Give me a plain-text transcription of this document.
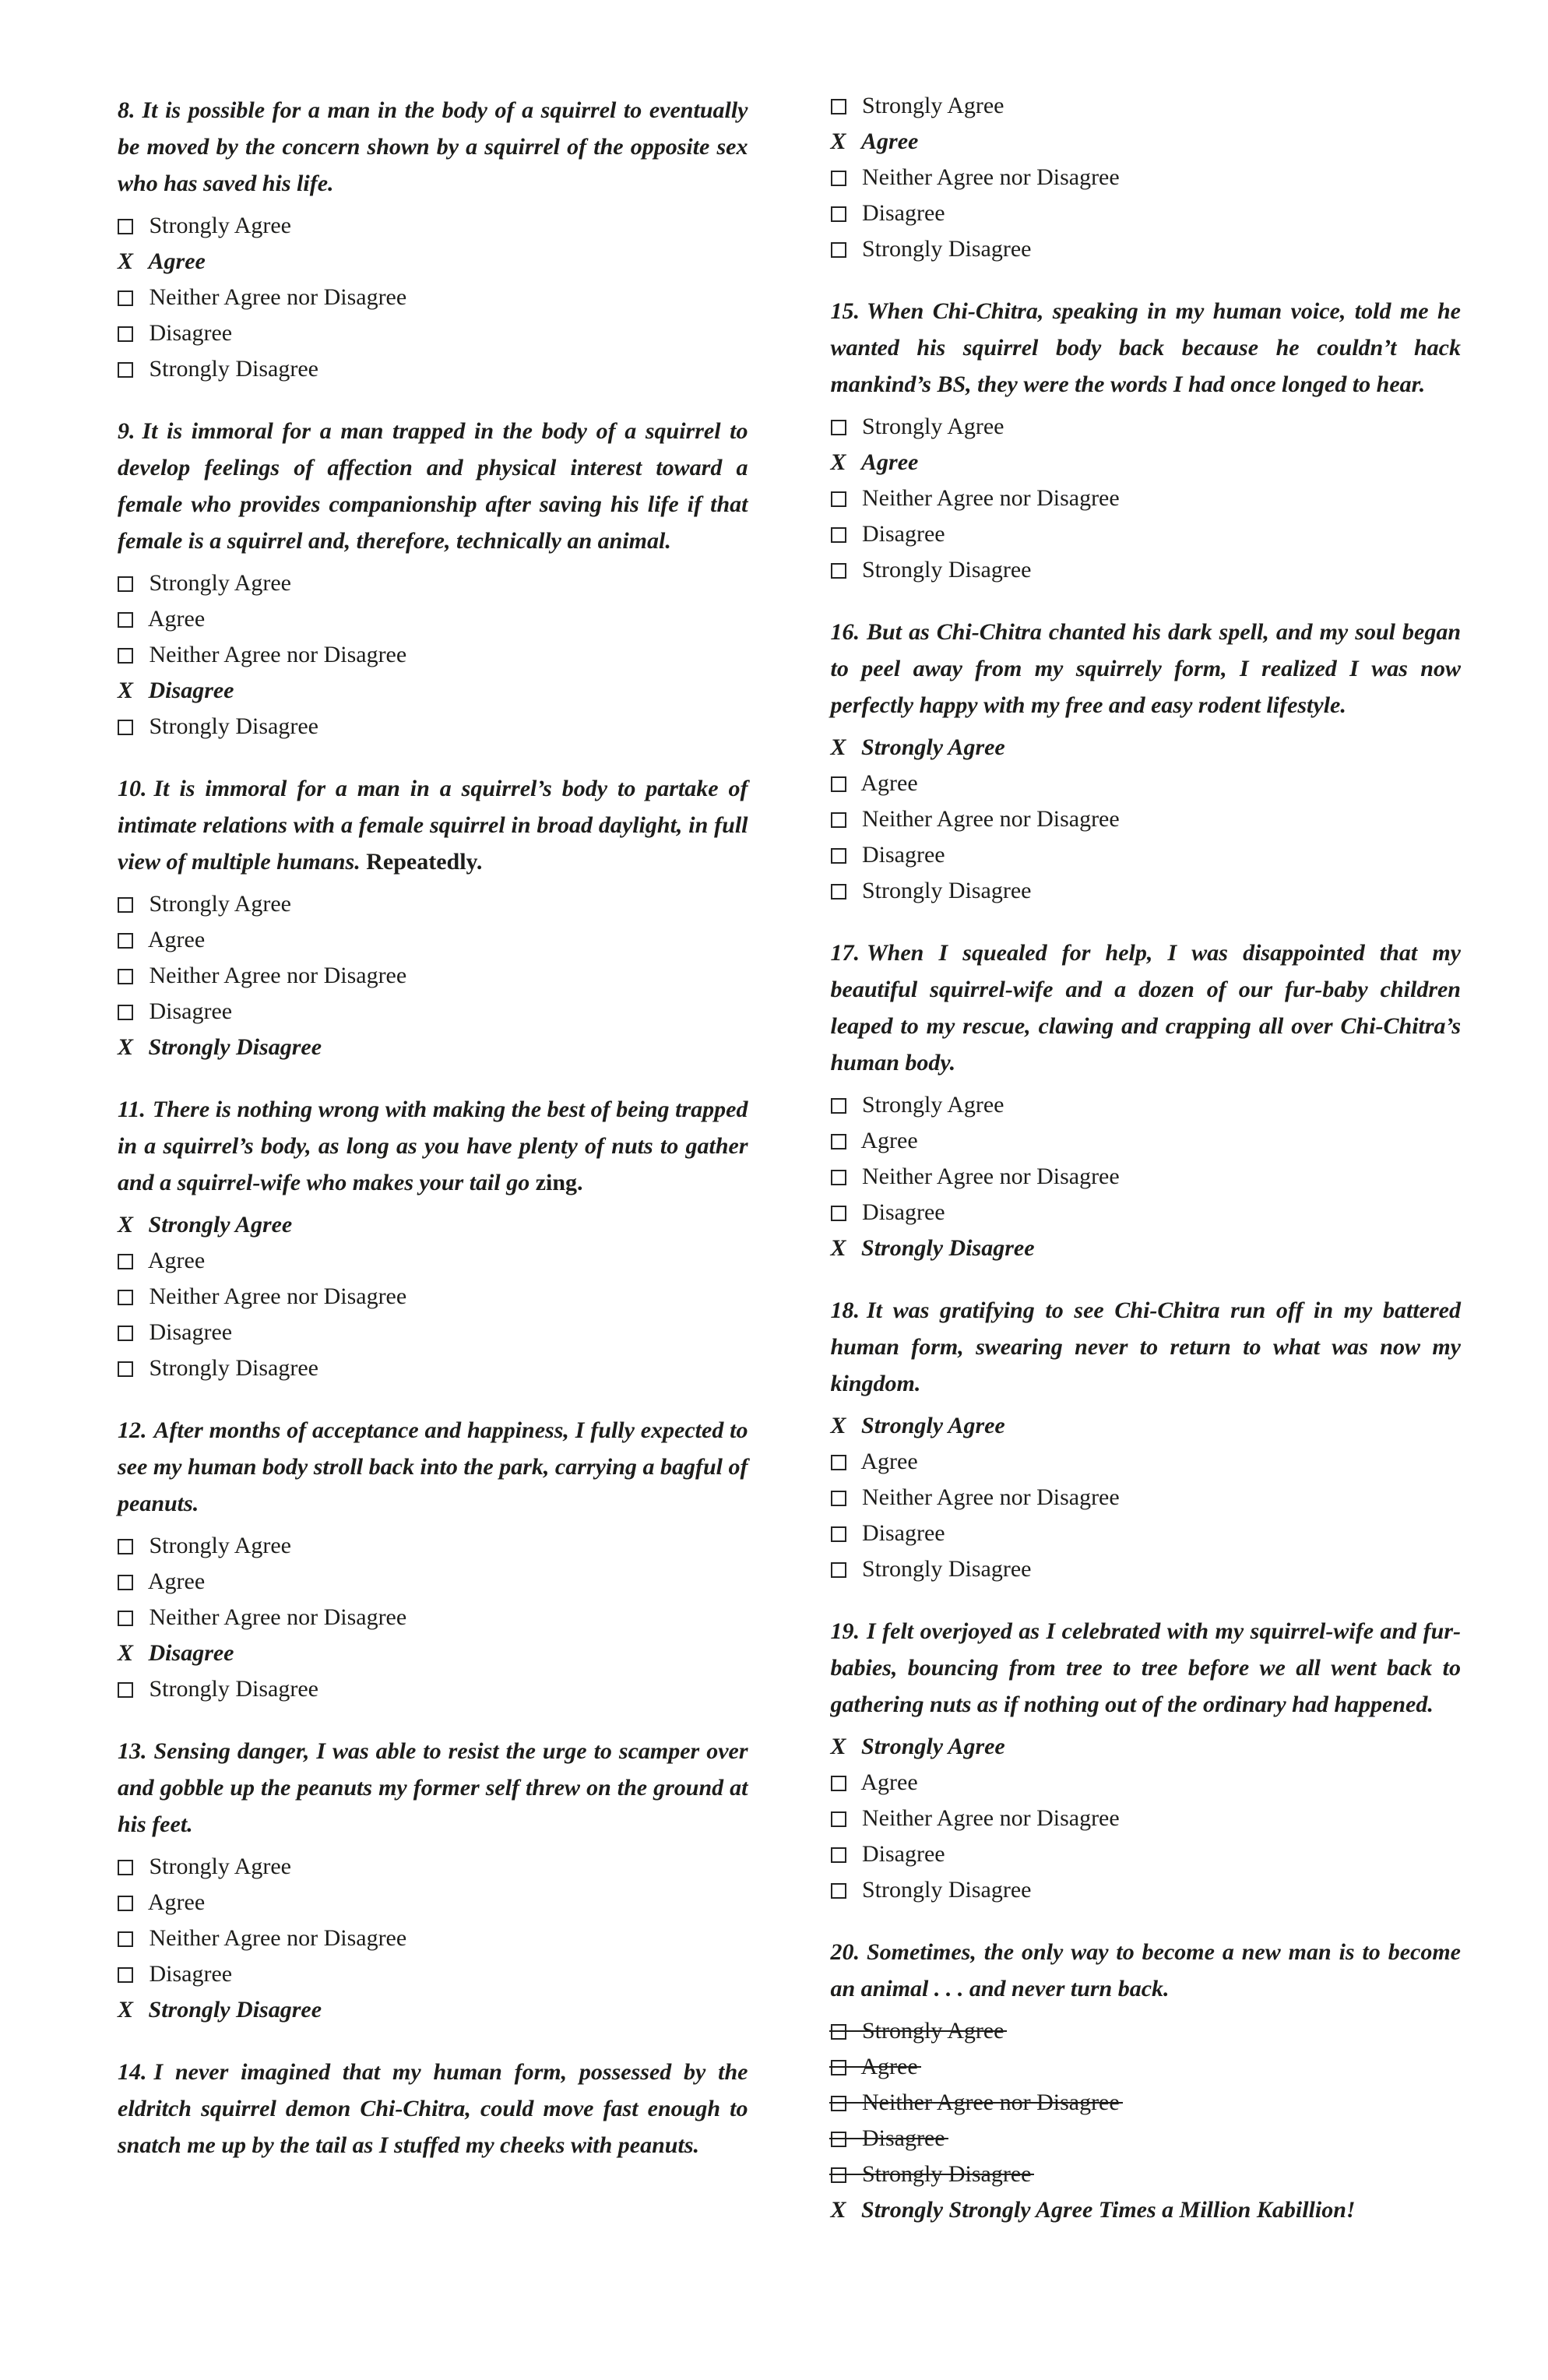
8. It is possible for a man in the body of a squirrel to eventually be moved by the concern shown by a squirrel of the opposite sex who has saved his life.

Strongly Agree
X Agree
Neither Agree nor Disagree
Disagree
Strongly Disagree

9. It is immoral for a man trapped in the body of a squirrel to develop feelings of affection and physical interest toward a female who provides companionship after saving his life if that female is a squirrel and, therefore, technically an animal.

Strongly Agree
Agree
Neither Agree nor Disagree
X Disagree
Strongly Disagree

10. It is immoral for a man in a squirrel’s body to partake of intimate relations with a female squirrel in broad daylight, in full view of multiple humans. Repeatedly.

Strongly Agree
Agree
Neither Agree nor Disagree
Disagree
X Strongly Disagree

11. There is nothing wrong with making the best of being trapped in a squirrel’s body, as long as you have plenty of nuts to gather and a squirrel-wife who makes your tail go zing.

X Strongly Agree
Agree
Neither Agree nor Disagree
Disagree
Strongly Disagree

12. After months of acceptance and happiness, I fully expected to see my human body stroll back into the park, carrying a bagful of peanuts.

Strongly Agree
Agree
Neither Agree nor Disagree
X Disagree
Strongly Disagree

13. Sensing danger, I was able to resist the urge to scamper over and gobble up the peanuts my former self threw on the ground at his feet.

Strongly Agree
Agree
Neither Agree nor Disagree
Disagree
X Strongly Disagree

14. I never imagined that my human form, possessed by the eldritch squirrel demon Chi-Chitra, could move fast enough to snatch me up by the tail as I stuffed my cheeks with peanuts.

Strongly Agree
X Agree
Neither Agree nor Disagree
Disagree
Strongly Disagree

15. When Chi-Chitra, speaking in my human voice, told me he wanted his squirrel body back because he couldn’t hack mankind’s BS, they were the words I had once longed to hear.

Strongly Agree
X Agree
Neither Agree nor Disagree
Disagree
Strongly Disagree

16. But as Chi-Chitra chanted his dark spell, and my soul began to peel away from my squirrely form, I realized I was now perfectly happy with my free and easy rodent lifestyle.

X Strongly Agree
Agree
Neither Agree nor Disagree
Disagree
Strongly Disagree

17. When I squealed for help, I was disappointed that my beautiful squirrel-wife and a dozen of our fur-baby children leaped to my rescue, clawing and crapping all over Chi-Chitra’s human body.

Strongly Agree
Agree
Neither Agree nor Disagree
Disagree
X Strongly Disagree

18. It was gratifying to see Chi-Chitra run off in my battered human form, swearing never to return to what was now my kingdom.

X Strongly Agree
Agree
Neither Agree nor Disagree
Disagree
Strongly Disagree

19. I felt overjoyed as I celebrated with my squirrel-wife and fur-babies, bouncing from tree to tree before we all went back to gathering nuts as if nothing out of the ordinary had happened.

X Strongly Agree
Agree
Neither Agree nor Disagree
Disagree
Strongly Disagree

20. Sometimes, the only way to become a new man is to become an animal . . . and never turn back.

Strongly Agree
Agree
Neither Agree nor Disagree
Disagree
Strongly Disagree
X Strongly Strongly Agree Times a Million Kabillion!
